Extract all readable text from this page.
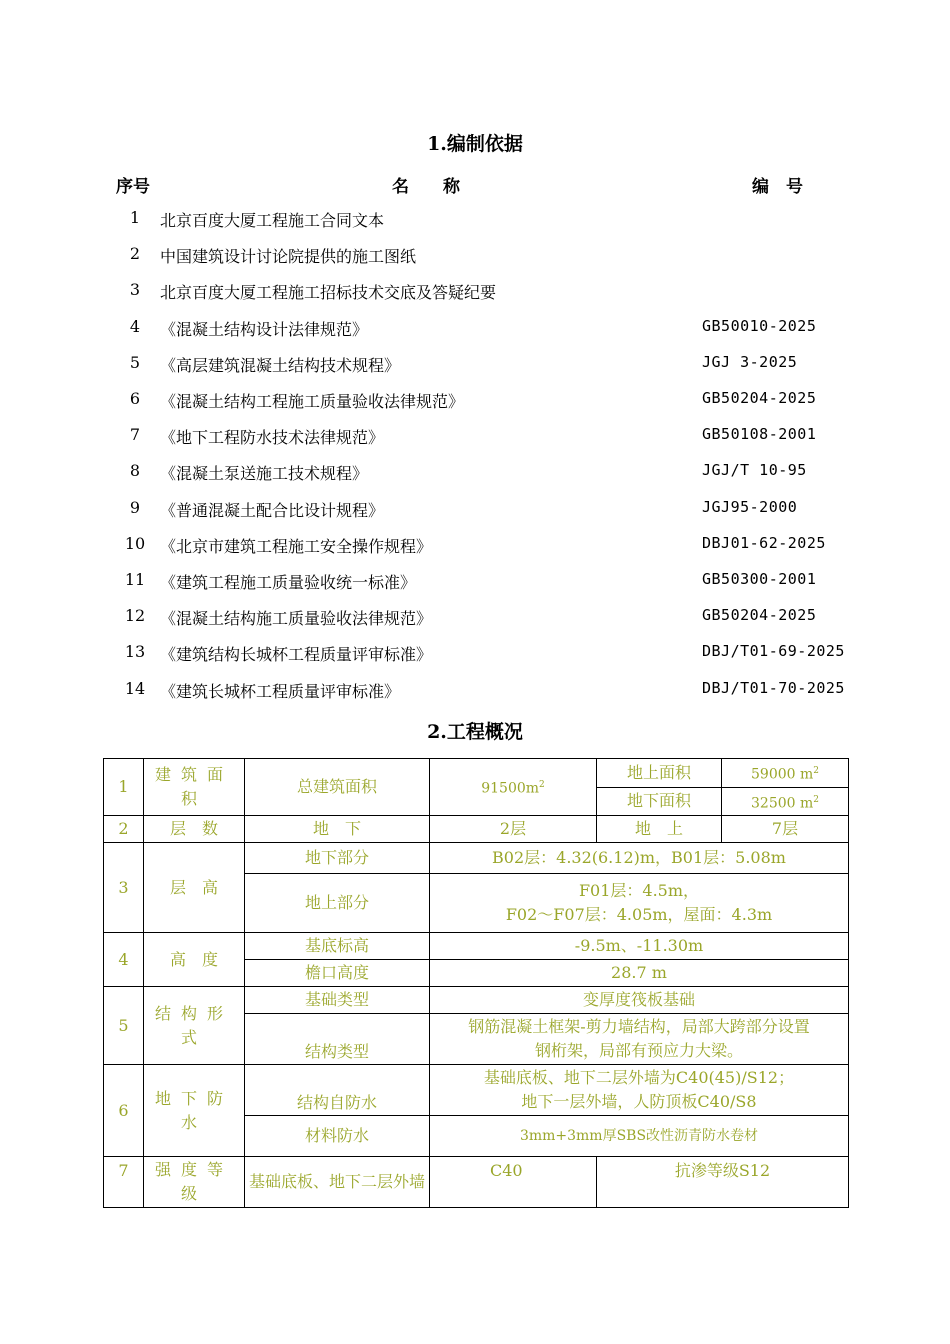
1.编制依据
序号	名　　称	编　号
1	北京百度大厦工程施工合同文本
2	中国建筑设计讨论院提供的施工图纸
3	北京百度大厦工程施工招标技术交底及答疑纪要
4	《混凝土结构设计法律规范》	GB50010-2025
5	《高层建筑混凝土结构技术规程》	JGJ 3-2025
6	《混凝土结构工程施工质量验收法律规范》	GB50204-2025
7	《地下工程防水技术法律规范》	GB50108-2001
8	《混凝土泵送施工技术规程》	JGJ/T 10-95
9	《普通混凝土配合比设计规程》	JGJ95-2000
10 《北京市建筑工程施工安全操作规程》	DBJ01-62-2025
11 《建筑工程施工质量验收统一标准》	GB50300-2001
12 《混凝土结构施工质量验收法律规范》	GB50204-2025
13 《建筑结构长城杯工程质量评审标准》	DBJ/T01-69-2025
14 《建筑长城杯工程质量评审标准》	DBJ/T01-70-2025
2.工程概况
1	建筑面积	总建筑面积	$91500m^2$	地上面积	59000 $m^2$
				地下面积	32500 $m^2$
2	层　数	地　下	2层	地　上	7层
3	层　高	地下部分	B02层：4.32(6.12)m，B01层：5.08m		
		地上部分	F01层：4.5m，
F02～F07层：4.05m，屋面：4.3m		

4	高　度	基底标高	-9.5m、-11.30m		
		檐口高度	28.7 m		
5	结构形式	基础类型	变厚度筏板基础		
		结构类型	钢筋混凝土框架-剪力墙结构，局部大跨部分设置
钢桁架，局部有预应力大梁。		

6	地下防水	结构自防水	基础底板、地下二层外墙为C40(45)/S12；
地下一层外墙，人防顶板C40/S8		

		材料防水	3mm+3mm厚SBS改性沥青防水卷材		
7	强度等级	基础底板、地下二层外墙	C40	抗渗等级S12	
